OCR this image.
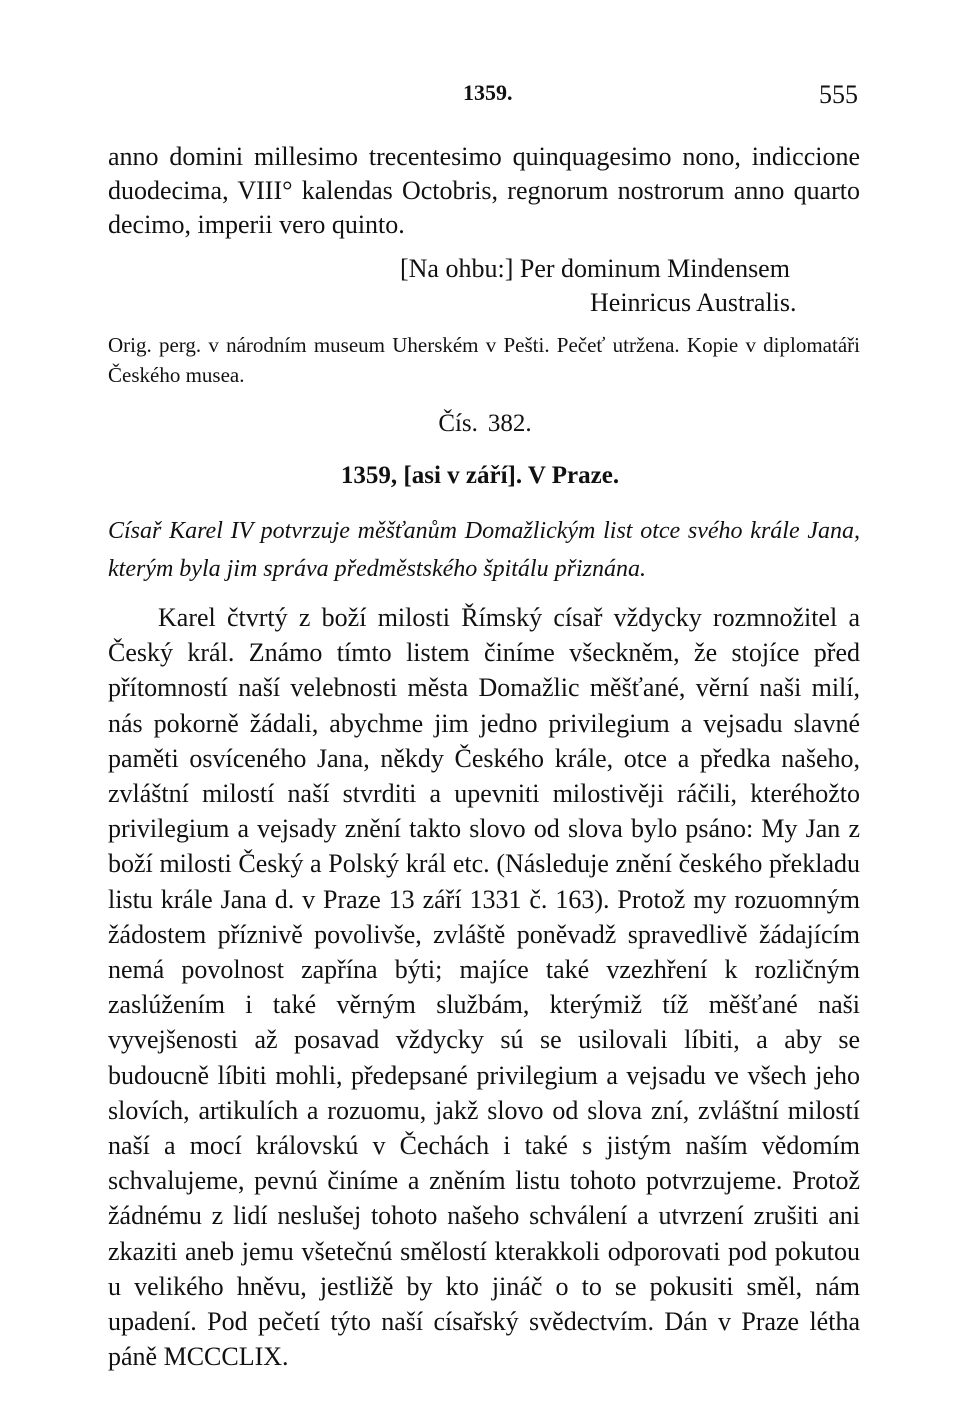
1359.	555
anno domini millesimo trecentesimo quinquagesimo nono, indiccione duodecima, VIII° kalendas Octobris, regnorum nostrorum anno quarto decimo, imperii vero quinto.
[Na ohbu:] Per dominum Mindensem
Heinricus Australis.
Orig. perg. v národním museum Uherském v Pešti. Pečeť utržena. Kopie v diplomatáři Českého musea.
Čís. 382.
1359, [asi v září]. V Praze.
Císař Karel IV potvrzuje měšťanům Domažlickým list otce svého krále Jana, kterým byla jim správa předměstského špitálu přiznána.

Karel čtvrtý z boží milosti Římský císař vždycky rozmnožitel a Český král. Známo tímto listem činíme všeckněm, že stojíce před přítomností naší velebnosti města Domažlic měšťané, věrní naši milí, nás pokorně žádali, abychme jim jedno privilegium a vejsadu slavné paměti osvíceného Jana, někdy Českého krále, otce a předka našeho, zvláštní milostí naší stvrditi a upevniti milostivěji ráčili, kteréhožto privilegium a vejsady znění takto slovo od slova bylo psáno: My Jan z boží milosti Český a Polský král etc. (Následuje znění českého překladu listu krále Jana d. v Praze 13 září 1331 č. 163). Protož my rozuomným žádostem příznivě povolivše, zvláště poněvadž spravedlivě žádajícím nemá povolnost zapřína býti; majíce také vzezhření k rozličným zaslúžením i také věrným službám, kterýmiž tíž měšťané naši vyvejšenosti až posavad vždycky sú se usilovali líbiti, a aby se budoucně líbiti mohli, předepsané privilegium a vejsadu ve všech jeho slovích, artikulích a rozuomu, jakž slovo od slova zní, zvláštní milostí naší a mocí královskú v Čechách i také s jistým naším vědomím schvalujeme, pevnú činíme a zněním listu tohoto potvrzujeme. Protož žádnému z lidí neslušej tohoto našeho schválení a utvrzení zrušiti ani zkaziti aneb jemu všetečnú smělostí kterakkoli odporovati pod pokutou u velikého hněvu, jestližě by kto jináč o to se pokusiti směl, nám upadení. Pod pečetí týto naší císařský svědectvím. Dán v Praze létha páně MCCCLIX.
